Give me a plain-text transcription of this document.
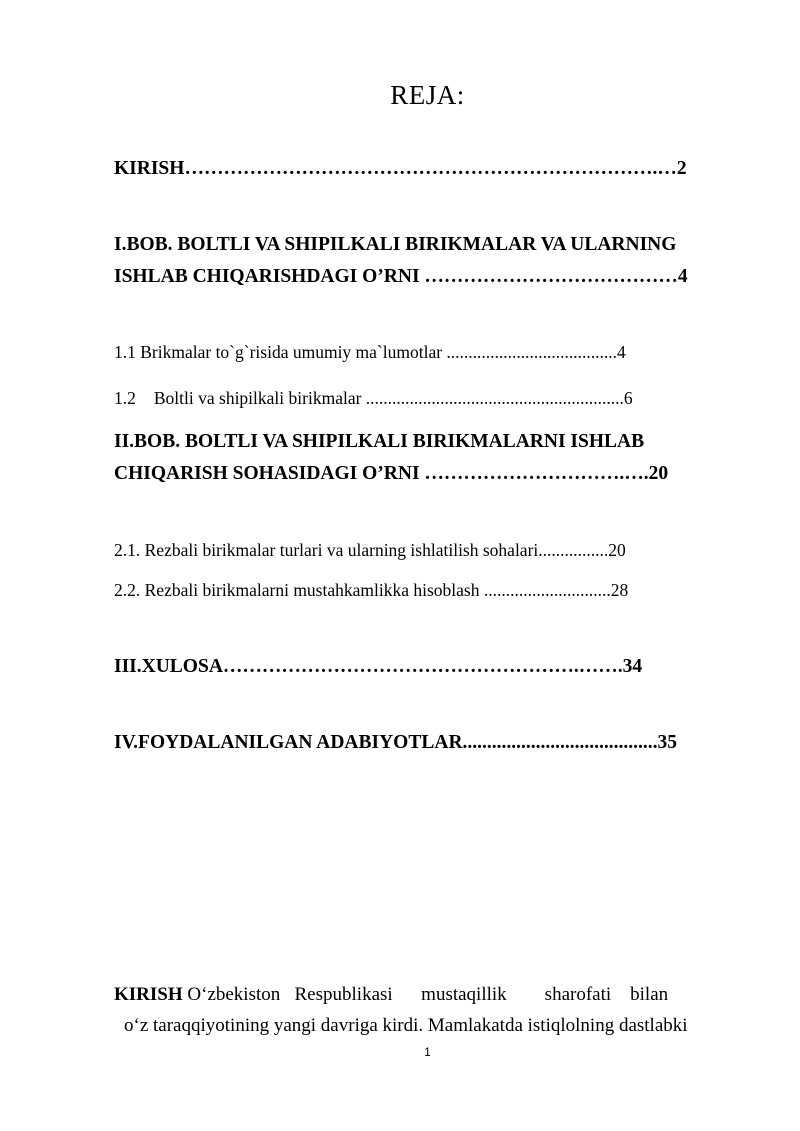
REJA:
KIRISH……………………………………………………………….…2
I.BOB. BOLTLI VA SHIPILKALI BIRIKMALAR VA ULARNING
ISHLAB CHIQARISHDAGI O’RNI …………………………………4
1.1 Brikmalar to`g`risida umumiy ma`lumotlar .......................................4
1.2 Boltli va shipilkali birikmalar ...........................................................6
II.BOB. BOLTLI VA SHIPILKALI BIRIKMALARNI ISHLAB
CHIQARISH SOHASIDAGI O’RNI ………………………….….20
2.1. Rezbali birikmalar turlari va ularning ishlatilish sohalari................20
2.2. Rezbali birikmalarni mustahkamlikka hisoblash .............................28
III.XULOSA……………………………………………….…….34
IV.FOYDALANILGAN ADABIYOTLAR........................................35
KIRISH O‘zbekiston   Respublikasi      mustaqillik        sharofati    bilan
o‘z taraqqiyotining yangi davriga kirdi. Mamlakatda istiqlolning dastlabki
1
